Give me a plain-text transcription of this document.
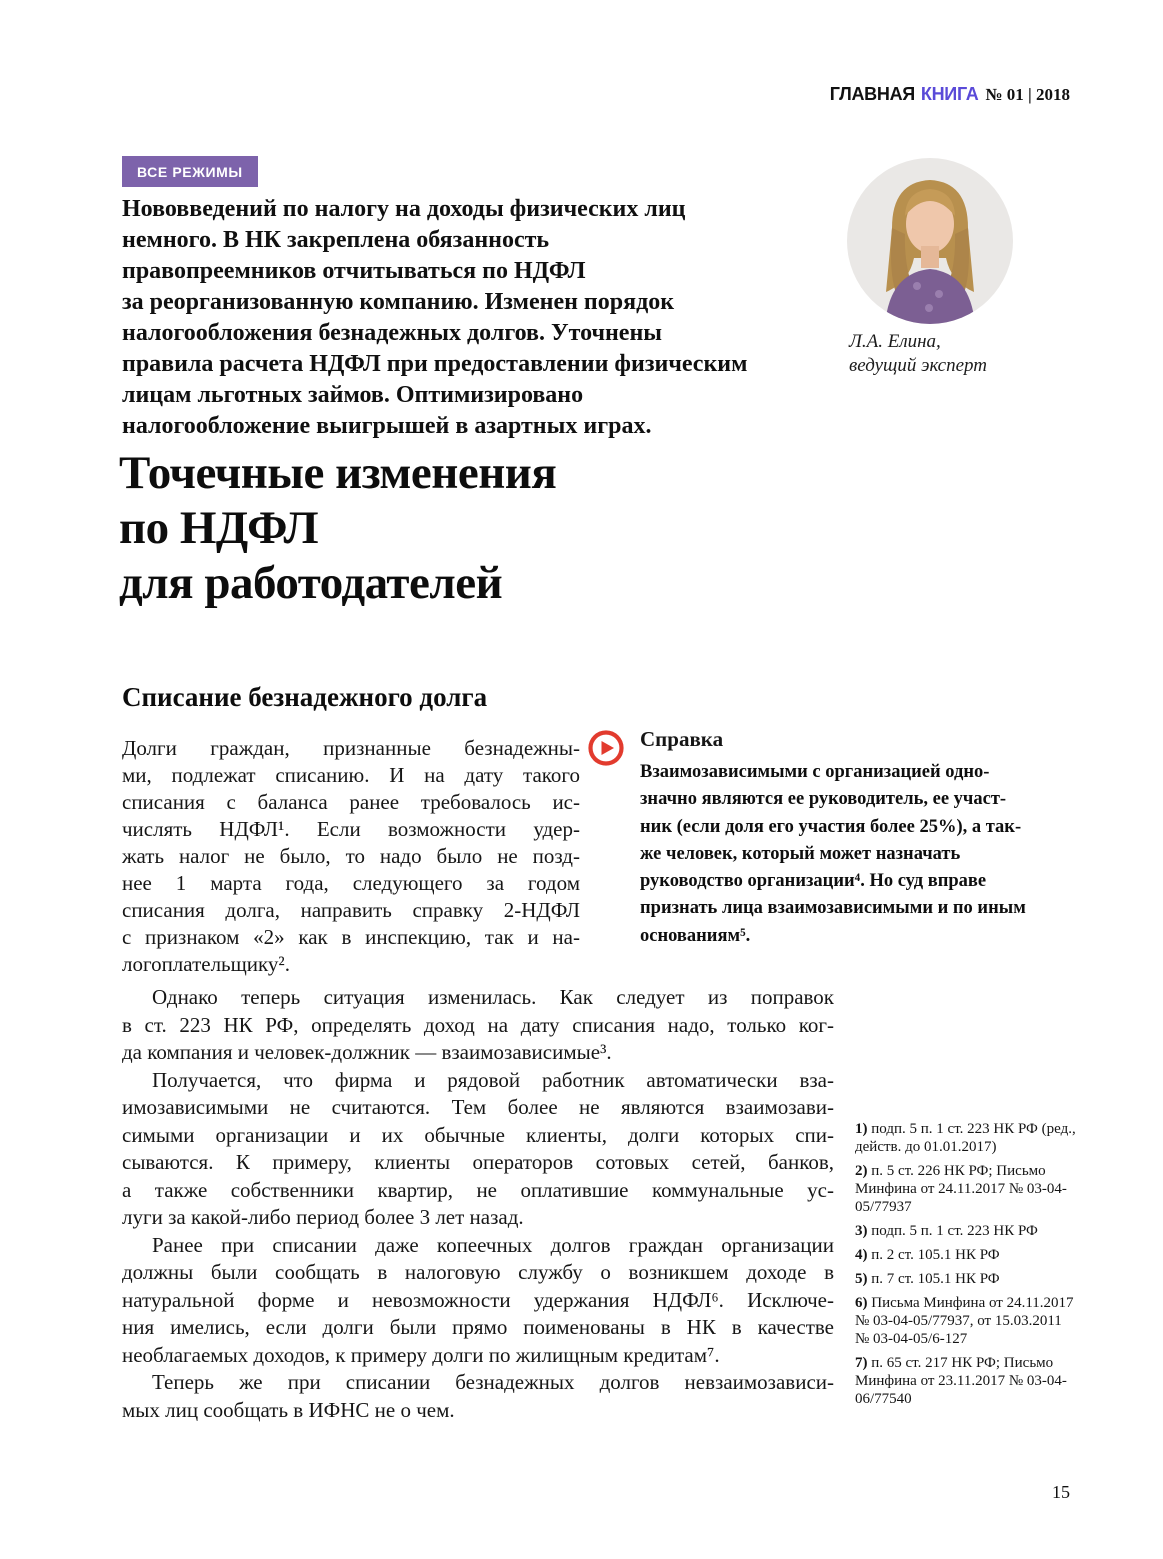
ГЛАВНАЯ КНИГА № 01 | 2018
ВСЕ РЕЖИМЫ
Нововведений по налогу на доходы физических лиц
немного. В НК закреплена обязанность
правопреемников отчитываться по НДФЛ
за реорганизованную компанию. Изменен порядок
налогообложения безнадежных долгов. Уточнены
правила расчета НДФЛ при предоставлении физическим
лицам льготных займов. Оптимизировано
налогообложение выигрышей в азартных играх.
Л.А. Елина,
ведущий эксперт
Точечные изменения
по НДФЛ
для работодателей
Списание безнадежного долга
Долги граждан, признанные безнадежны-
ми, подлежат списанию. И на дату такого
списания с баланса ранее требовалось ис-
числять НДФЛ¹. Если возможности удер-
жать налог не было, то надо было не позд-
нее 1 марта года, следующего за годом
списания долга, направить справку 2-НДФЛ
с признаком «2» как в инспекцию, так и на-
логоплательщику².
Справка
Взаимозависимыми с организацией одно-
значно являются ее руководитель, ее участ-
ник (если доля его участия более 25%), а так-
же человек, который может назначать
руководство организации⁴. Но суд вправе
признать лица взаимозависимыми и по иным
основаниям⁵.
Однако теперь ситуация изменилась. Как следует из поправок
в ст. 223 НК РФ, определять доход на дату списания надо, только ког-
да компания и человек-должник — взаимозависимые³.
Получается, что фирма и рядовой работник автоматически вза-
имозависимыми не считаются. Тем более не являются взаимозави-
симыми организации и их обычные клиенты, долги которых спи-
сываются. К примеру, клиенты операторов сотовых сетей, банков,
а также собственники квартир, не оплатившие коммунальные ус-
луги за какой-либо период более 3 лет назад.
Ранее при списании даже копеечных долгов граждан организации
должны были сообщать в налоговую службу о возникшем доходе в
натуральной форме и невозможности удержания НДФЛ⁶. Исключе-
ния имелись, если долги были прямо поименованы в НК в качестве
необлагаемых доходов, к примеру долги по жилищным кредитам⁷.
Теперь же при списании безнадежных долгов невзаимозависи-
мых лиц сообщать в ИФНС не о чем.
1) подп. 5 п. 1 ст. 223 НК РФ (ред., действ. до 01.01.2017)
2) п. 5 ст. 226 НК РФ; Письмо Минфина от 24.11.2017 № 03-04-05/77937
3) подп. 5 п. 1 ст. 223 НК РФ
4) п. 2 ст. 105.1 НК РФ
5) п. 7 ст. 105.1 НК РФ
6) Письма Минфина от 24.11.2017 № 03-04-05/77937, от 15.03.2011 № 03-04-05/6-127
7) п. 65 ст. 217 НК РФ; Письмо Минфина от 23.11.2017 № 03-04-06/77540
15
